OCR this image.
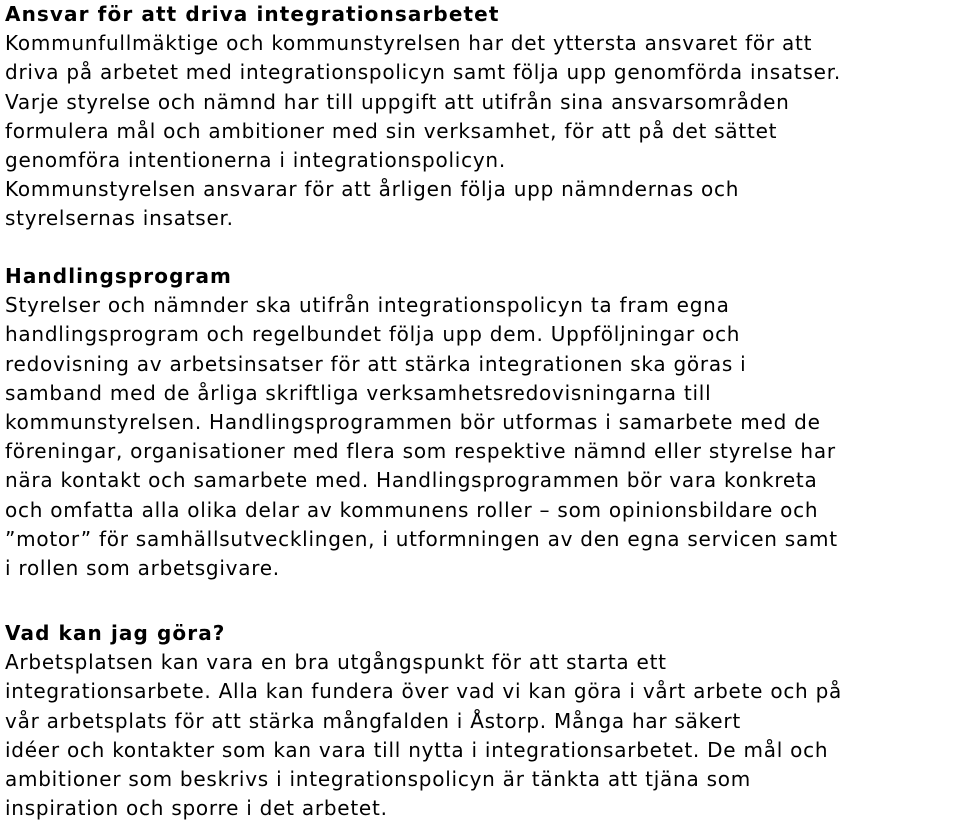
Ansvar för att driva integrationsarbetet
Kommunfullmäktige och kommunstyrelsen har det yttersta ansvaret för att
driva på arbetet med integrationspolicyn samt följa upp genomförda insatser.
Varje styrelse och nämnd har till uppgift att utifrån sina ansvarsområden
formulera mål och ambitioner med sin verksamhet, för att på det sättet
genomföra intentionerna i integrationspolicyn.
Kommunstyrelsen ansvarar för att årligen följa upp nämndernas och
styrelsernas insatser.
Handlingsprogram
Styrelser och nämnder ska utifrån integrationspolicyn ta fram egna
handlingsprogram och regelbundet följa upp dem. Uppföljningar och
redovisning av arbetsinsatser för att stärka integrationen ska göras i
samband med de årliga skriftliga verksamhetsredovisningarna till
kommunstyrelsen. Handlingsprogrammen bör utformas i samarbete med de
föreningar, organisationer med flera som respektive nämnd eller styrelse har
nära kontakt och samarbete med. Handlingsprogrammen bör vara konkreta
och omfatta alla olika delar av kommunens roller – som opinionsbildare och
”motor” för samhällsutvecklingen, i utformningen av den egna servicen samt
i rollen som arbetsgivare.
Vad kan jag göra?
Arbetsplatsen kan vara en bra utgångspunkt för att starta ett
integrationsarbete. Alla kan fundera över vad vi kan göra i vårt arbete och på
vår arbetsplats för att stärka mångfalden i Åstorp. Många har säkert
idéer och kontakter som kan vara till nytta i integrationsarbetet. De mål och
ambitioner som beskrivs i integrationspolicyn är tänkta att tjäna som
inspiration och sporre i det arbetet.
